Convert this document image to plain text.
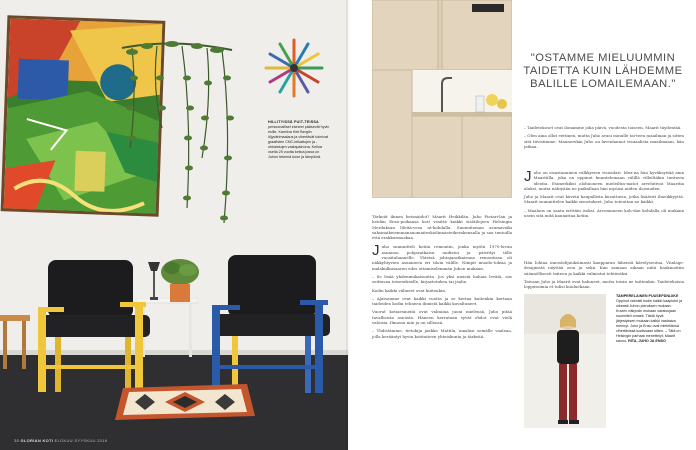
HILLITYISSÄ PUIT-TEISSA persoonalliset esineet pääsevät hyvin esille. Kamiina Heli Berglin öljyvärimaalaus ja vihertävät toimivat graafisten CNC-leikattujen ja -ohkaistujen vastapainona. Kelloa osella 25 vuotta kelloa jossa on Juhon tekemä kone ja lämpöinä.
38 GLORIAN KOTI ELOKUU-SYYSKUU 2016
"OSTAMME MIELUUMMIN TAIDETTA KUIN LÄHDEMME BALILLE LOMAILEMAAN."

– Taidetekoset ovat ilonamme joka päivä, vuodesta toiseen, Maarit täydentää.

– Olen aina ollut eettinen, mutta Juho avasi minulle tai-teen maailman ja sitten sitä tiivistimme. Maunerskin Juho on lavenlannut visuaalista maailmaani, hän jatkaa.

Juho on sisustanninen välkkyvien visioidari. Idea-na hän hyväksyttää aina Maaritilla, joka on oppinut kuuntelemaan välillä villeiltäkin tuntuvia ideoita. Esimerkiksi olohuoneen mieleiltin-matot arvelutivat Maaritia aluksi, mutta nähtyään ne paikallaan hän myönsi niiden iloisuuden.

Juho ja Maarit ovat kiivetä kaupallista kuvattuvia, jotka lisäävät ilmeikkyyttä. Maarit suunnittelee kaikki sisustukset, Juho toteuttaa ne kaikki.

– Maalaus on saatu erittäin isoksi. Arvomuneen koh-dan kohdalla oli mukana usein sitä mitä kannattaa kotiin.

Hän lohtaa innostelijuuksiinasti kaupparan läheistä kävelyseutua. Viinlage-designistä näyttää osin ja sekä. Kun samaan aikaan niitä hankinoitiin säännöllisesti taiteen ja kaikki valmistui tehtäväksi.

Taivaan Juho ja Maarit ovat haluneet, mutta toisin ne taittenkin. Taidetekoisia lopputoimia et tulisi kuuluekaan.

Tärkeät ikinen betsnäidot? Maarit Heikkilän. Juho Pietari-lan ja heidän Enso-poikansa koti vesittä kaikki sisätilojeen Helsingin Meriluksan lileitä-vesa nt-kohdalla. Suunniteman asumavaiki saksinoikeiemmanauomaiteskiolinnasteikerakenaalla ja saa tuntoilla että erakkurmuskaa.

Juho suunnitteli kotiin remontin, jonka myötä 1970-luvun asunnon pohjaratkaisu uudistui ja päivittyi tälle vuosituhannelle. Yhteisä johtajaratkaisuna remontissa oli näkkyhtyvien asuaineen eri tiloin välille. Nimpit muodo-toksia ja malakulkusaaren edes ottamiselemmän Juhon mukaan.

– Se lisää yhdenmukaisuutta. Jos yksi meistä haluaa levätä, siis soittavaa toisenekselle, kirjastotukea tai jaalia.

Kodin kaikki välineet ovat kuitenkin.

– Ajatsemme ovat kaikki vuotta ja se kertaa kuitenkin kertaan taideiden kodin tehneen ihmistä kaikki kuvaltuneet.

Vuorut kotiaesineitä ovat valmiina juoni mielensä, Juho pitää tavallisista asioista. Häneen kerrataan syvät ehdot ovat vielä valoisia. Ilmassa niin ja on sillensä.

– Yhdistämme, tietokija jaakko Mattila, maalasi seinälle vaaleaa, jolla kerääntyi hyvin kotitaiteen yhteiskunta ja tärkeää.

TAMPERELAINEN PUUSEPÄNLIIKE Oppinut valmisti kodin kaikki kaapistot ja oikeasti Juhon pieruksen mukaan. Kuvien näkyvän mukaan varaisujaan suunniteli omasti. Tästä hyvä järjestyksen mukaan kaikki vastaava mennyt. Juho ja Enso ovat mielellänsä vihertävissä kodissaan sitten. – Tätä on Helsingin parhaat menettelyt, Maarit sanoo. RITA, JUHO JA ENSO
